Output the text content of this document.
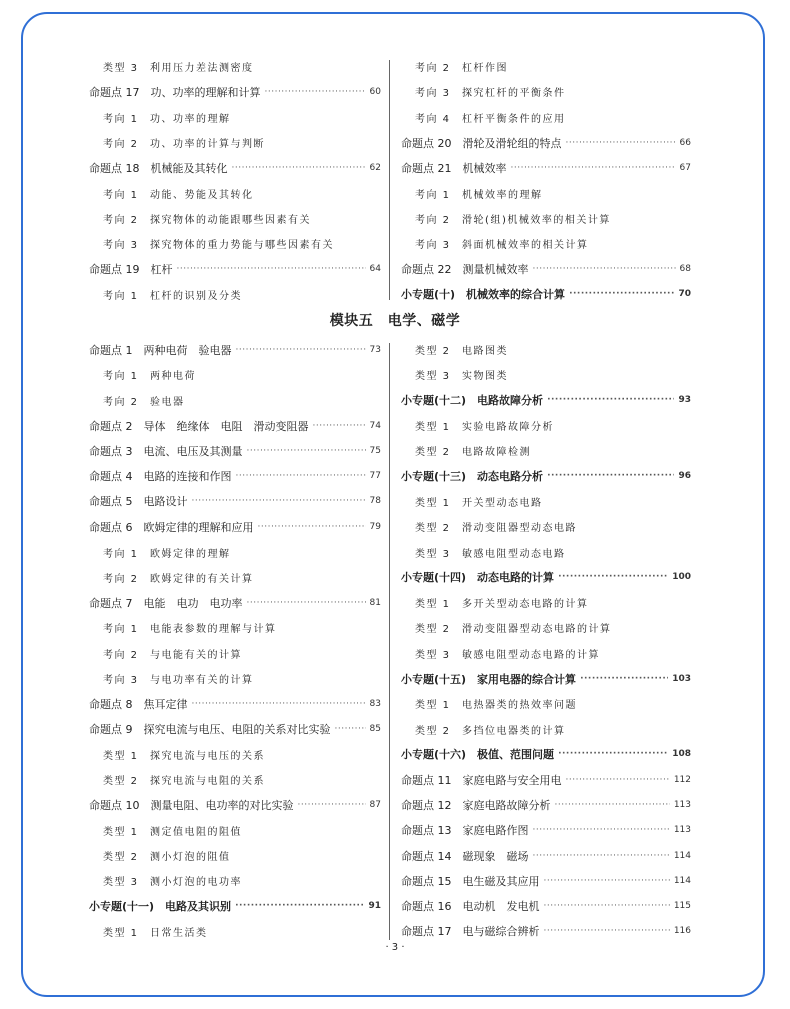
类型 3　利用压力差法测密度
命题点 17　功、功率的理解和计算 ·····	60
考向 1　功、功率的理解
考向 2　功、功率的计算与判断
命题点 18　机械能及其转化 ·····	62
考向 1　动能、势能及其转化
考向 2　探究物体的动能跟哪些因素有关
考向 3　探究物体的重力势能与哪些因素有关
命题点 19　杠杆 ·····	64
考向 1　杠杆的识别及分类
考向 2　杠杆作图
考向 3　探究杠杆的平衡条件
考向 4　杠杆平衡条件的应用
命题点 20　滑轮及滑轮组的特点 ·····	66
命题点 21　机械效率 ·····	67
考向 1　机械效率的理解
考向 2　滑轮(组)机械效率的相关计算
考向 3　斜面机械效率的相关计算
命题点 22　测量机械效率 ·····	68
小专题(十)　机械效率的综合计算 ·····	70
模块五　电学、磁学
命题点 1　两种电荷　验电器 ·····	73
考向 1　两种电荷
考向 2　验电器
命题点 2　导体　绝缘体　电阻　滑动变阻器 ·····	74
命题点 3　电流、电压及其测量 ·····	75
命题点 4　电路的连接和作图 ·····	77
命题点 5　电路设计 ·····	78
命题点 6　欧姆定律的理解和应用 ·····	79
考向 1　欧姆定律的理解
考向 2　欧姆定律的有关计算
命题点 7　电能　电功　电功率 ·····	81
考向 1　电能表参数的理解与计算
考向 2　与电能有关的计算
考向 3　与电功率有关的计算
命题点 8　焦耳定律 ·····	83
命题点 9　探究电流与电压、电阻的关系对比实验 ·····	85
类型 1　探究电流与电压的关系
类型 2　探究电流与电阻的关系
命题点 10　测量电阻、电功率的对比实验 ·····	87
类型 1　测定值电阻的阻值
类型 2　测小灯泡的阻值
类型 3　测小灯泡的电功率
小专题(十一)　电路及其识别 ·····	91
类型 1　日常生活类
类型 2　电路图类
类型 3　实物图类
小专题(十二)　电路故障分析 ·····	93
类型 1　实验电路故障分析
类型 2　电路故障检测
小专题(十三)　动态电路分析 ·····	96
类型 1　开关型动态电路
类型 2　滑动变阻器型动态电路
类型 3　敏感电阻型动态电路
小专题(十四)　动态电路的计算 ·····	100
类型 1　多开关型动态电路的计算
类型 2　滑动变阻器型动态电路的计算
类型 3　敏感电阻型动态电路的计算
小专题(十五)　家用电器的综合计算 ·····	103
类型 1　电热器类的热效率问题
类型 2　多挡位电器类的计算
小专题(十六)　极值、范围问题 ·····	108
命题点 11　家庭电路与安全用电 ·····	112
命题点 12　家庭电路故障分析 ·····	113
命题点 13　家庭电路作图 ·····	113
命题点 14　磁现象　磁场 ·····	114
命题点 15　电生磁及其应用 ·····	114
命题点 16　电动机　发电机 ·····	115
命题点 17　电与磁综合辨析 ·····	116
· 3 ·
